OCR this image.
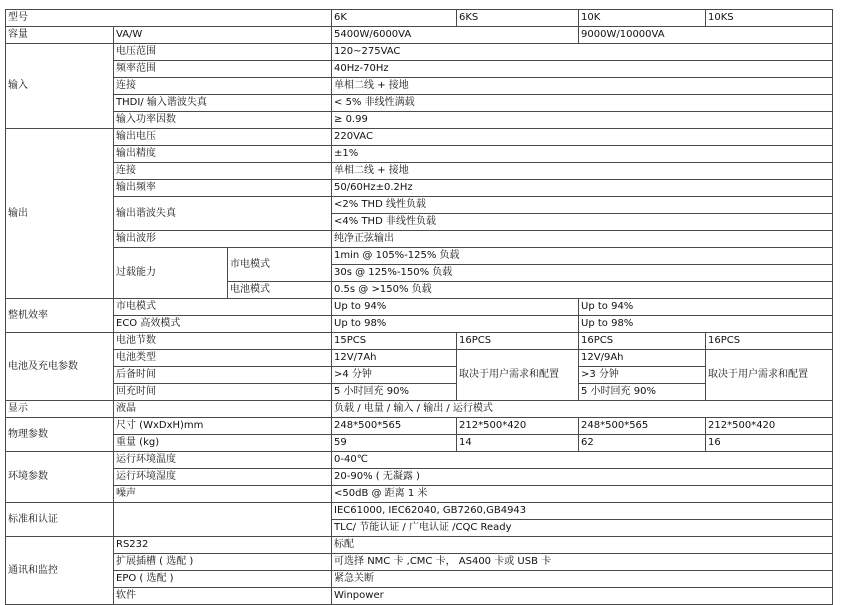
型号			6K	6KS	10K	10KS
容量	VA/W		5400W/6000VA		9000W/10000VA	
输入	电压范围		120~275VAC			
	频率范围		40Hz-70Hz			
	连接		单相二线 + 接地			
	THDI/ 输入谐波失真		< 5% 非线性满载			
	输入功率因数		≥ 0.99			
输出	输出电压		220VAC			
	输出精度		±1%			
	连接		单相二线 + 接地			
	输出频率		50/60Hz±0.2Hz			
	输出谐波失真		<2% THD 线性负载			
			<4% THD 非线性负载			
	输出波形		纯净正弦输出			
	过载能力	市电模式	1min @ 105%-125% 负载			
			30s @ 125%-150% 负载			
		电池模式	0.5s @ >150% 负载			
整机效率	市电模式		Up to 94%		Up to 94%	
	ECO 高效模式		Up to 98%		Up to 98%	
电池及充电参数	电池节数		15PCS	16PCS	16PCS	16PCS
	电池类型		12V/7Ah	取决于用户需求和配置	12V/9Ah	取决于用户需求和配置
	后备时间		>4 分钟		>3 分钟	
	回充时间		5 小时回充 90%		5 小时回充 90%	
显示	液晶		负载 / 电量 / 输入 / 输出 / 运行模式			
物理参数	尺寸 (WxDxH)mm		248*500*565	212*500*420	248*500*565	212*500*420
	重量 (kg)		59	14	62	16
环境参数	运行环境温度		0-40℃			
	运行环境湿度		20-90% ( 无凝露 )			
	噪声		<50dB @ 距离 1 米			
标准和认证			IEC61000, IEC62040, GB7260,GB4943			
			TLC/ 节能认证 / 广电认证 /CQC Ready			
通讯和监控	RS232		标配			
	扩展插槽 ( 选配 )		可选择 NMC 卡 ,CMC 卡， AS400 卡或 USB 卡			
	EPO ( 选配 )		紧急关断			
	软件		Winpower			
